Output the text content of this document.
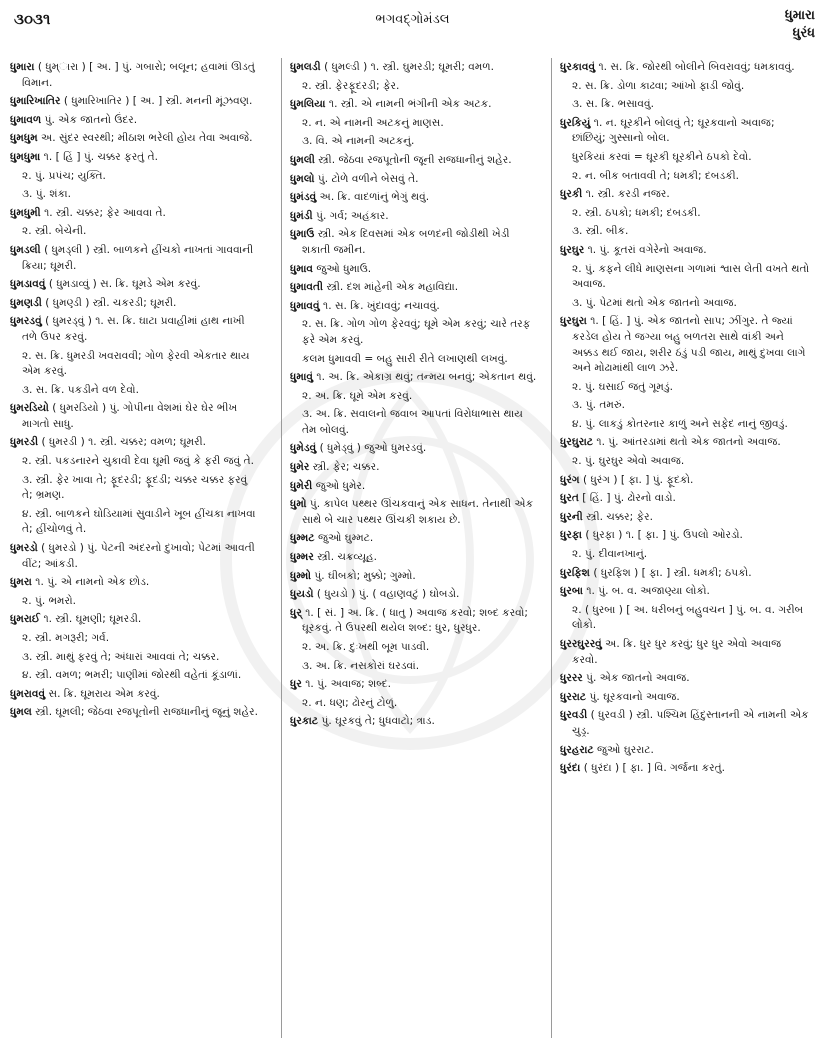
૩૦૩૧	ભગવદ્ગોમંડલ	ધુમારા
ધુરંધ

ધુમારા ( ધુમ્ારા ) [ અ. ] પું. ગબારો; બલૂન; હવામાં ઊડતું વિમાન.

ધુમારિખાતિર ( ધુમારિખાતિર ) [ અ. ] સ્ત્રી. મનની મૂંઝવણ.

ધુમાવળ પું. એક જાતનો ઉંદર.

ધુમધુમ અ. સુંદર સ્વરથી; મીઠાશ ભરેલી હોય તેવા અવાજે.

ધુમધુમા ૧. [ હિં ] પું. ચક્કર ફરતું તે.

૨. પું. પ્રપંચ; યુક્તિ.

૩. પું. શંકા.

ધુમધુમી ૧. સ્ત્રી. ચક્કર; ફેર આવવા તે.

૨. સ્ત્રી. બેચેની.

ધુમડલી ( ધુમડ્લી ) સ્ત્રી. બાળકને હીંચકો નાખતાં ગાવવાની ક્રિયા; ઘૂમરી.

ધુમડાવવું ( ધુમડાવ્વું ) સ. ક્રિ. ઘૂમડે એમ કરવું.

ધુમણડી ( ધુમણ્ડી ) સ્ત્રી. ચકરડી; ઘૂમરી.

ધુમરડવું ( ધુમરડ્વું ) ૧. સ. ક્રિ. ઘાટા પ્રવાહીમાં હાથ નાખી તળે ઉપર કરવું.

૨. સ. ક્રિ. ધુમરડી ખવરાવવી; ગોળ ફેરવી એકતાર થાય એમ કરવું.

૩. સ. ક્રિ. પકડીને વળ દેવો.

ધુમરડિયો ( ધુમરડિયો ) પું. ગોપીના વેશમાં ઘેર ઘેર ભીખ માગતો સાધુ.

ધુમરડી ( ધુમરડી ) ૧. સ્ત્રી. ચક્કર; વમળ; ઘૂમરી.

૨. સ્ત્રી. પકડનારને ચુકાવી દેવા ઘૂમી જવું કે ફરી જવું તે.

૩. સ્ત્રી. ફેર ખાવા તે; ફૂદરડી; ફૂદડી; ચક્કર ચક્કર ફરવું તે; ભ્રમણ.

૪. સ્ત્રી. બાળકને ઘોડિયામાં સુવાડીને ખૂબ હીંચકા નાખવા તે; હીંચોળવું તે.

ધુમરડો ( ધુમરડો ) પું. પેટની અંદરનો દુખાવો; પેટમાં આવતી વીંટ; આંકડી.

ધુમરા ૧. પું. એ નામનો એક છોડ.

૨. પું. ભમરો.

ધુમરાઈ ૧. સ્ત્રી. ઘૂમણી; ઘૂમરડી.

૨. સ્ત્રી. મગરૂરી; ગર્વ.

૩. સ્ત્રી. માથું ફરવું તે; અંધારાં આવવાં તે; ચક્કર.

૪. સ્ત્રી. વમળ; ભમરી; પાણીમાં જોરથી વહેતાં કૂંડાળાં.

ધુમરાવવું સ. ક્રિ. ઘૂમરાય એમ કરવું.

ધુમલ સ્ત્રી. ઘૂમલી; જેઠવા રજપૂતોની રાજધાનીનું જૂનું શહેર.

ધુમલડી ( ધુમલ્ડી ) ૧. સ્ત્રી. ઘુમરડી; ઘૂમરી; વમળ.

૨. સ્ત્રી. ફેરફૂદરડી; ફેર.

ધુમલિયા ૧. સ્ત્રી. એ નામની ભંગીની એક અટક.

૨. ન. એ નામની અટકનું માણસ.

૩. વિ. એ નામની અટકનું.

ધુમલી સ્ત્રી. જેઠવા રજપૂતોની જૂની રાજધાનીનું શહેર.

ધુમલો પું. ટોળે વળીને બેસવું તે.

ધુમંડવું અ. ક્રિ. વાદળાંનું ભેગું થવું.

ધુમંડી પું. ગર્વ; અહંકાર.

ધુમાઉ સ્ત્રી. એક દિવસમાં એક બળદની જોડીથી ખેડી શકાતી જમીન.

ધુમાવ જુઓ ધુમાઉ.

ધુમાવતી સ્ત્રી. દશ માંહેની એક મહાવિદ્યા.

ધુમાવવું ૧. સ. ક્રિ. ખુંદાવવું; નચાવવું.

૨. સ. ક્રિ. ગોળ ગોળ ફેરવવું; ઘૂમે એમ કરવું; ચારે તરફ ફરે એમ કરવું.

કલમ ધુમાવવી = બહુ સારી રીતે લખાણથી લખવું.

ધુમાવું ૧. અ. ક્રિ. એકાગ્ર થવું; તન્મય બનવું; એકતાન થવું.

૨. અ. ક્રિ. ઘૂમે એમ કરવું.

૩. અ. ક્રિ. સવાલનો જવાબ આપતાં વિરોધાભાસ થાય તેમ બોલવું.

ધુમેડવું ( ધુમેડ્વું ) જુઓ ધુમરડવું.

ધુમેર સ્ત્રી. ફેર; ચક્કર.

ધુમેરી જુઓ ધુમેર.

ધુમો પું. કાપેલ પથ્થર ઊંચકવાનું એક સાધન. તેનાથી એક સાથે બે ચાર પથ્થર ઊંચકી શકાય છે.

ધુમ્મટ જુઓ ઘુમ્મટ.

ધુમ્મર સ્ત્રી. ચક્રવ્યૂહ.

ધુમ્મો પું. ઘીબકો; મુક્કો; ગુમ્મો.

ધુયડો ( ધુયડો ) પું. ( વહાણવટું ) ઘોબડો.

ધુર્ ૧. [ સં. ] અ. ક્રિ. ( ધાતુ ) અવાજ કરવો; શબ્દ કરવો; ઘૂરકવું. તે ઉપરથી થયેલ શબ્દ: ધુર, ધુરધુર.

૨. અ. ક્રિ. દુઃખથી બૂમ પાડવી.

૩. અ. ક્રિ. નસકોરાં ઘરડવાં.

ધુર ૧. પું. અવાજ; શબ્દ.

૨. ન. ધણ; ઢોરનું ટોળું.

ધુરકાટ પું. ઘૂરકવું તે; ધુધવાટો; ત્રાડ.

ધુરકાવવું ૧. સ. ક્રિ. જોરથી બોલીને બિવરાવવું; ધમકાવવું.

૨. સ. ક્રિ. ડોળા કાઢવા; આંખો ફાડી જોવું.

૩. સ. ક્રિ. ભસાવવું.

ધુરકિયું ૧. ન. ઘૂરકીને બોલવું તે; ઘૂરકવાનો અવાજ; છાંછિયું; ગુસ્સાનો બોલ.

ધુરકિયાં કરવાં = ઘૂરકી ઘૂરકીને ઠપકો દેવો.

૨. ન. બીક બતાવવી તે; ધમકી; દબડકી.

ધુરકી ૧. સ્ત્રી. કરડી નજર.

૨. સ્ત્રી. ઠપકો; ધમકી; દબડકી.

૩. સ્ત્રી. બીક.

ધુરઘુર ૧. પું. કૂતરાં વગેરેનો અવાજ.

૨. પું. કફને લીધે માણસના ગળામાં શ્વાસ લેતી વખતે થતો અવાજ.

૩. પું. પેટમાં થતો એક જાતનો અવાજ.

ધુરઘુરા ૧. [ હિં. ] પું. એક જાતનો સાપ; ઝીંગુર. તે જ્યાં કરડેલ હોય તે જગ્યા બહુ બળતરા સાથે વાંકી અને અક્કડ થઈ જાય, શરીર ઠંડું પડી જાય, માથું દુખવા લાગે અને મોઢામાંથી લાળ ઝરે.

૨. પું. ઘસાઈ જતું ગૂમડું.

૩. પું. તમરું.

૪. પું. લાકડું કોતરનાર કાળું અને સફેદ નાનું જીવડું.

ધુરઘુરાટ ૧. પું. આંતરડામાં થતો એક જાતનો અવાજ.

૨. પું. ઘુરઘુર એવો અવાજ.

ધુરંગ ( ધુરંગ ) [ ફા. ] પું. ફૂદકો.

ધુરત [ હિં. ] પું. ઢોરનો વાડો.

ધુરની સ્ત્રી. ચક્કર; ફેર.

ધુરફા ( ધુરફા ) ૧. [ ફા. ] પું. ઉપલો ઓરડો.

૨. પું. દીવાનખાનું.

ધુરફિશ ( ધુરફિશ ) [ ફા. ] સ્ત્રી. ધમકી; ઠપકો.

ધુરબા ૧. પું. બ. વ. અજાણ્યા લોકો.

૨. ( ધુરબા ) [ અ. ધરીબનું બહુવચન ] પું. બ. વ. ગરીબ લોકો.

ધુરરઘુરરવું અ. ક્રિ. ધુર ધુર કરવું; ધુર ધુર એવો અવાજ કરવો.

ધુરરર પું. એક જાતનો અવાજ.

ધુરરાટ પું. ઘૂરકવાનો અવાજ.

ધુરવડી ( ધુરવડી ) સ્ત્રી. પશ્ચિમ હિંદુસ્તાનની એ નામની એક ચુડ્ર.

ધુરહરાટ જુઓ ઘુરરાટ.

ધુરંદા ( ધુરંદા ) [ ફા. ] વિ. ગર્જના કરતું.
